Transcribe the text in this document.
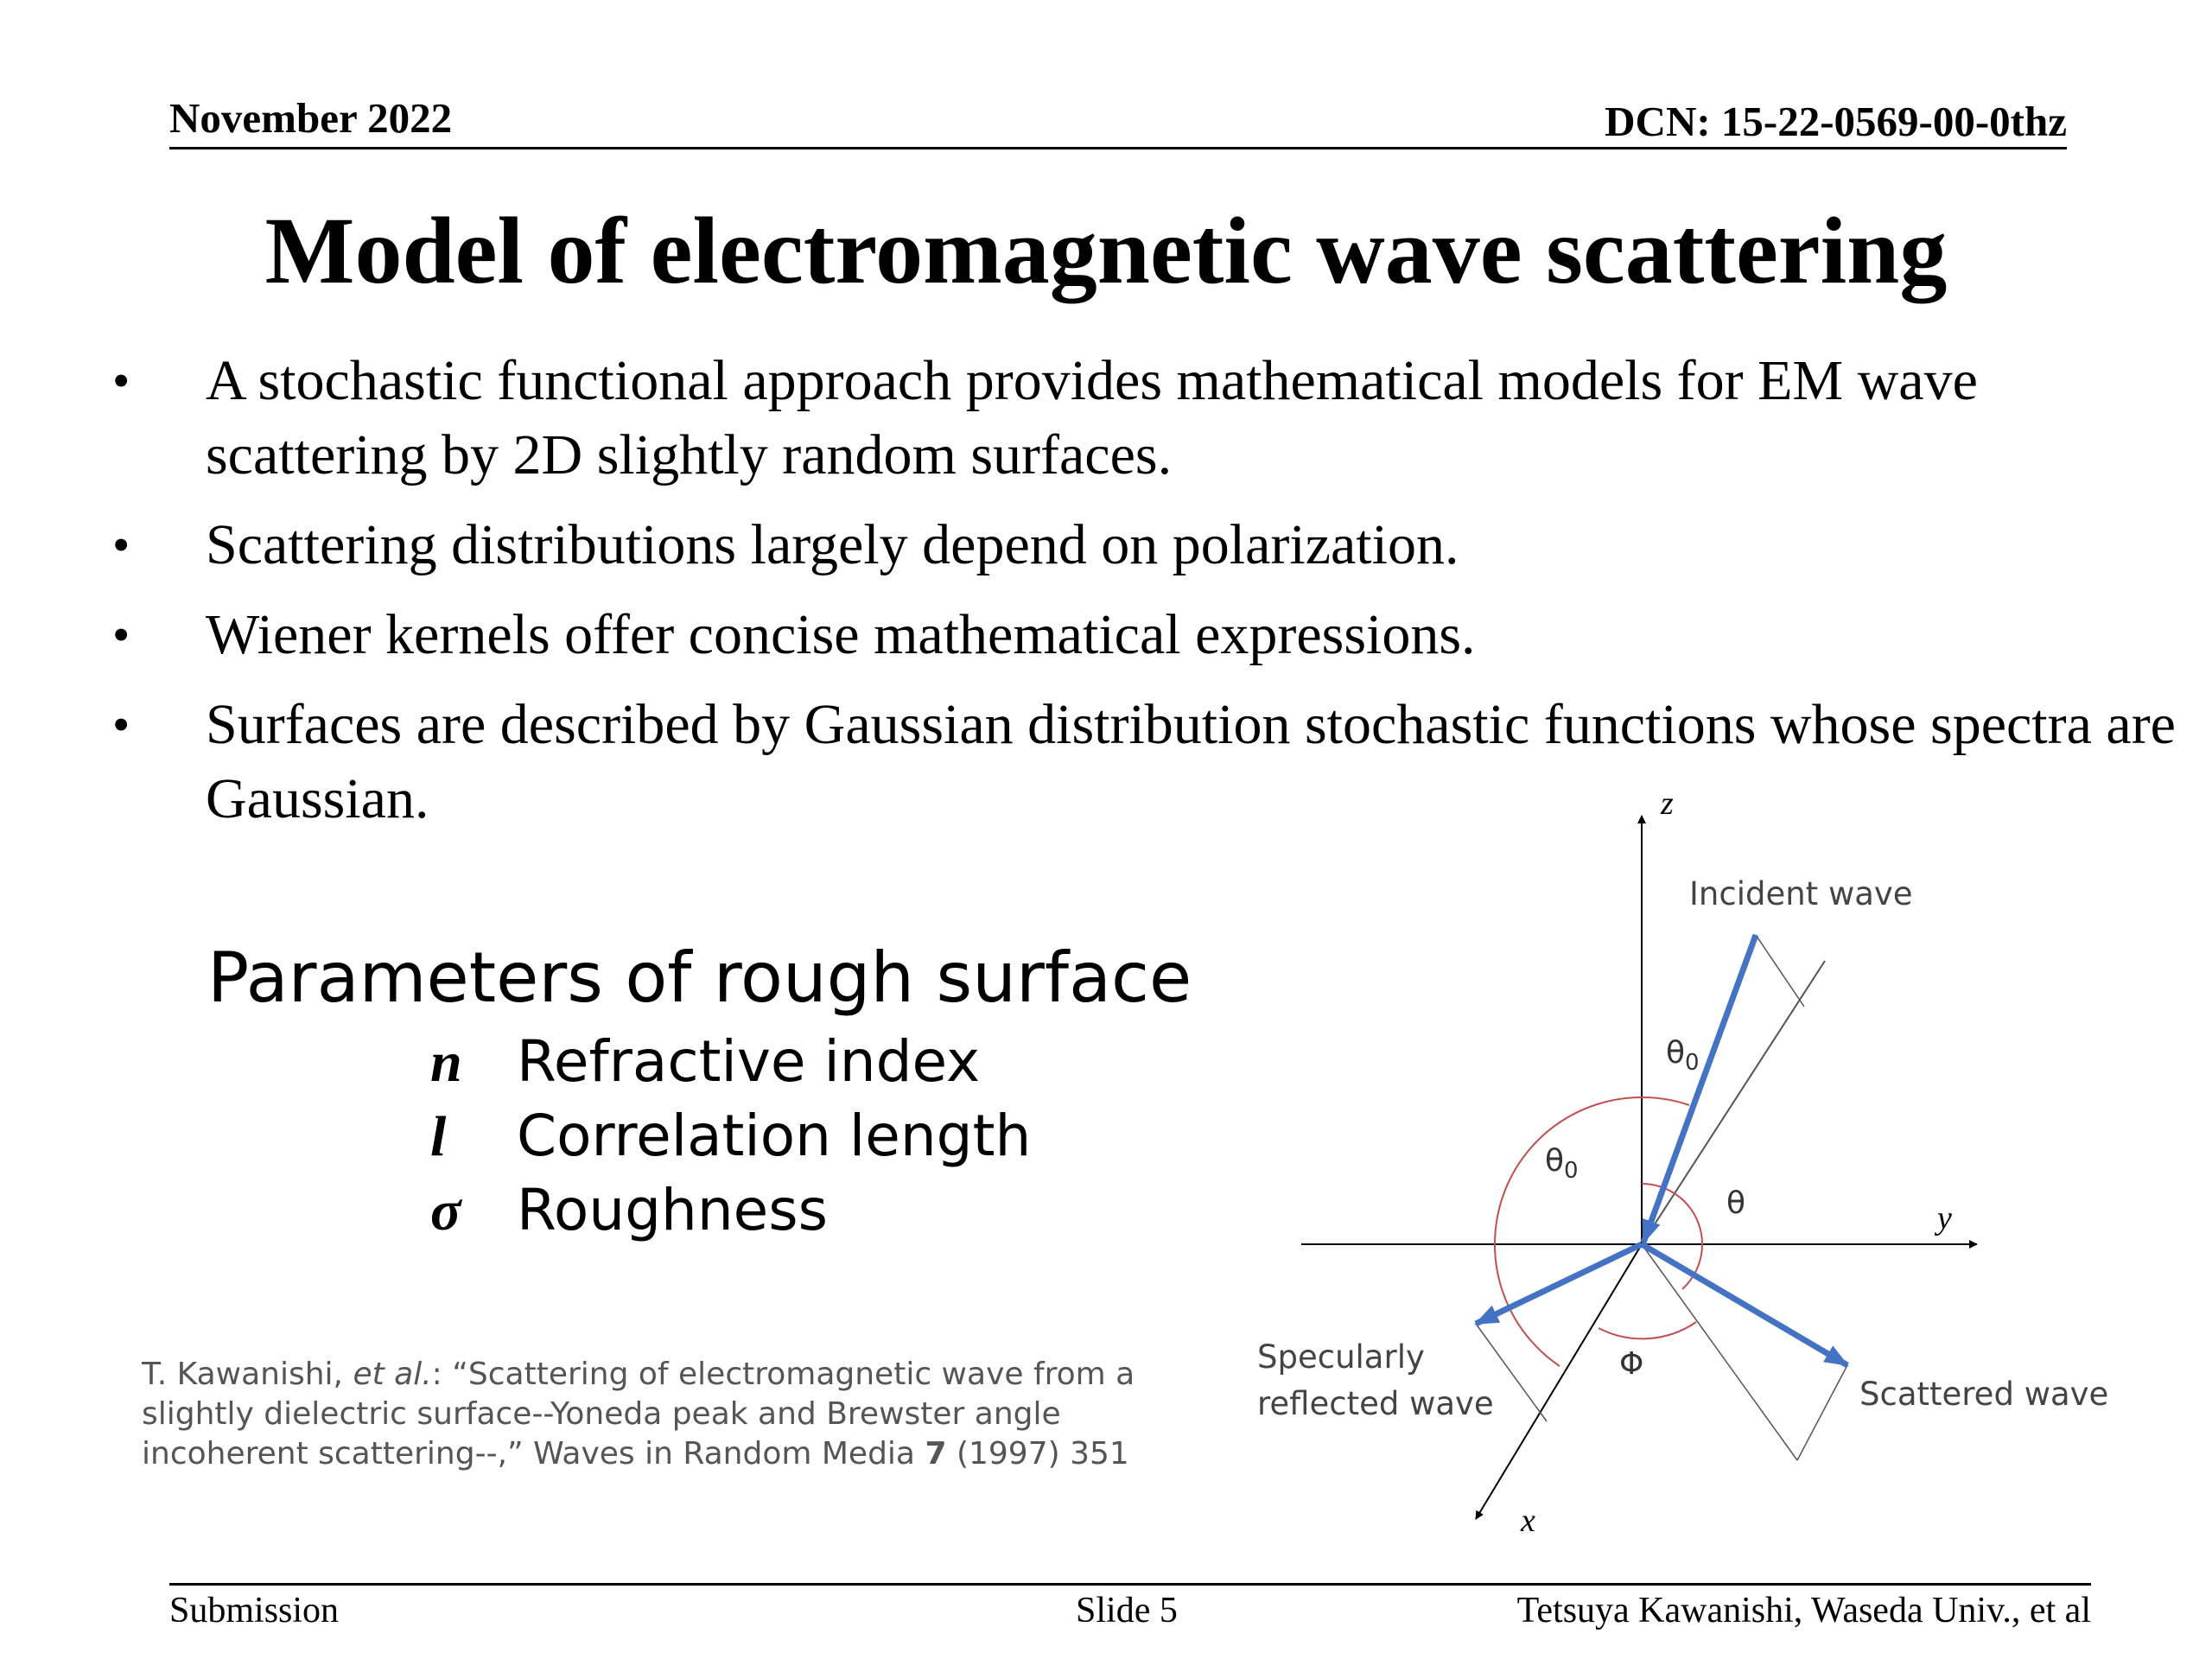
November 2022	DCN: 15-22-0569-00-0thz
Model of electromagnetic wave scattering
• A stochastic functional approach provides mathematical models for EM wave scattering by 2D slightly random surfaces.
• Scattering distributions largely depend on polarization.
• Wiener kernels offer concise mathematical expressions.
• Surfaces are described by Gaussian distribution stochastic functions whose spectra are Gaussian.
Parameters of rough surface
n Refractive index
l Correlation length
σ Roughness
T. Kawanishi, et al.: “Scattering of electromagnetic wave from a slightly dielectric surface--Yoneda peak and Brewster angle incoherent scattering--,” Waves in Random Media 7 (1997) 351
z
y
x
Incident wave
Specularly
reflected wave	Scattered wave
$\theta_0$
$\theta_0$
θ
Φ
Submission	Slide 5	Tetsuya Kawanishi, Waseda Univ., et al
